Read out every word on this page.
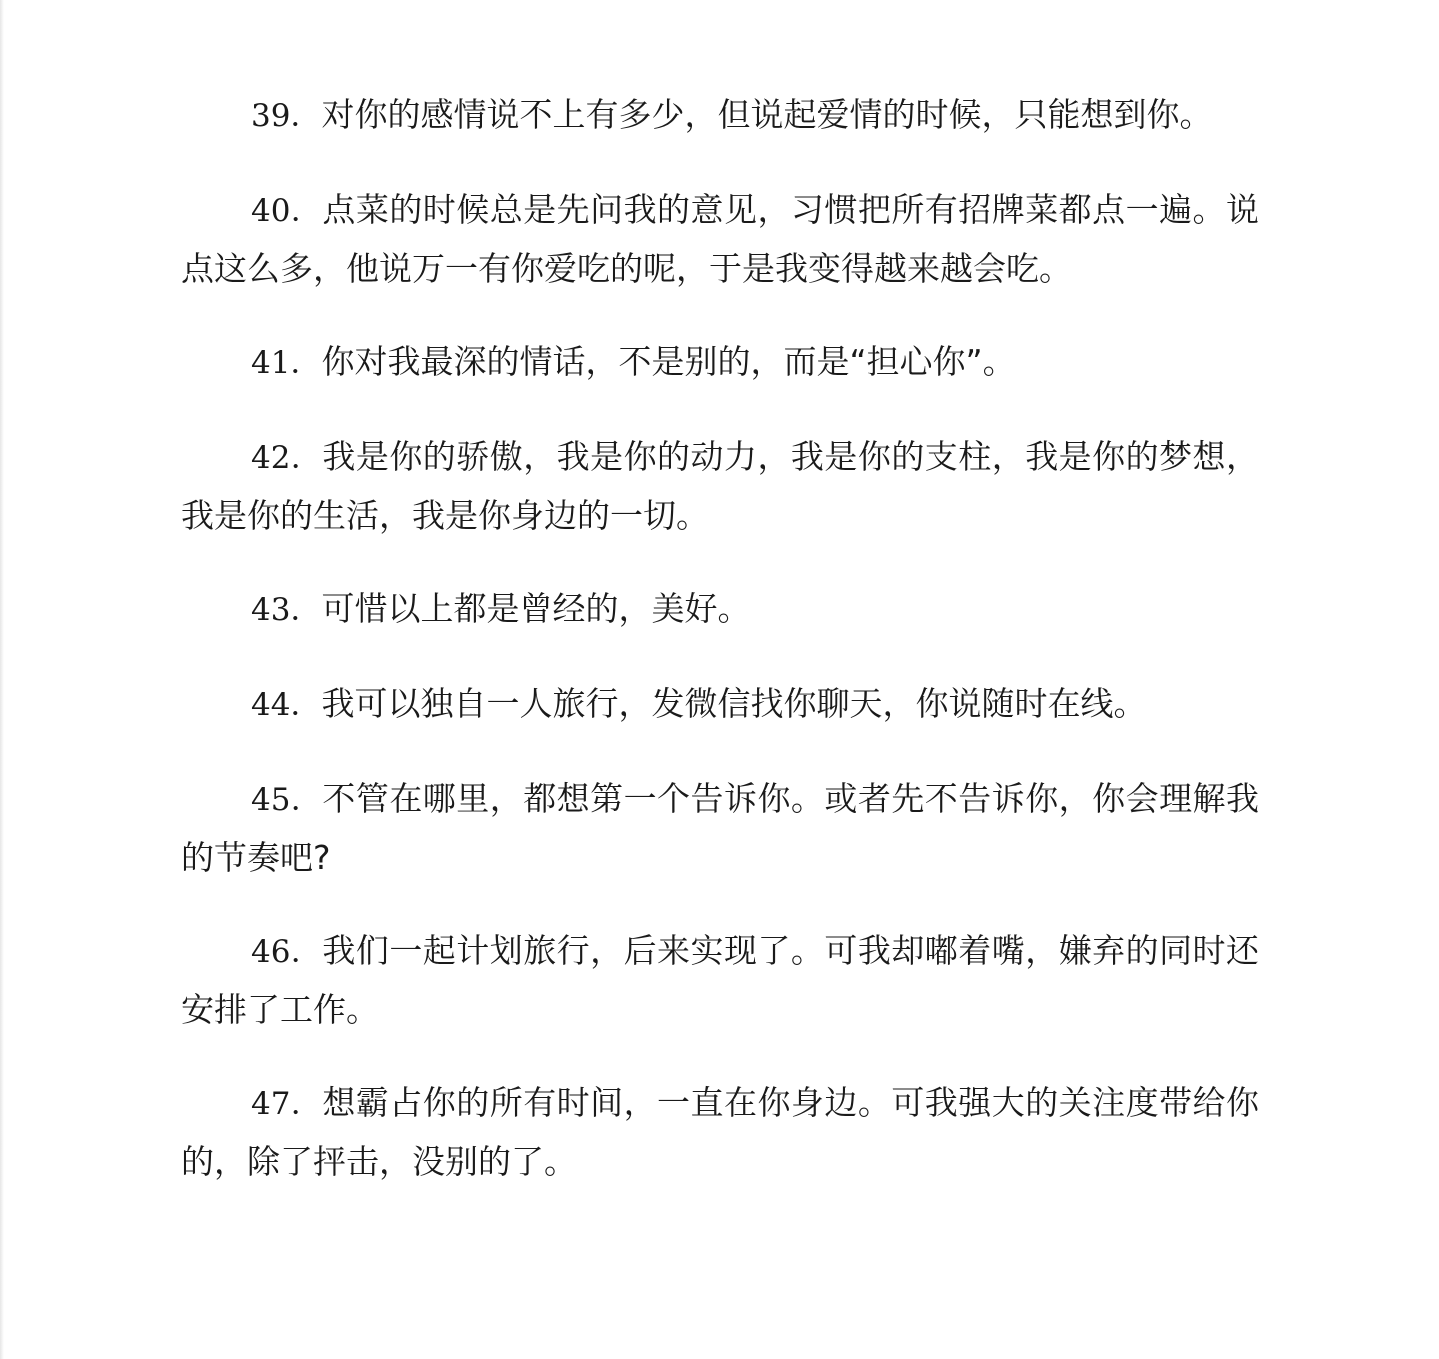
39．对你的感情说不上有多少，但说起爱情的时候，只能想到你。

40．点菜的时候总是先问我的意见，习惯把所有招牌菜都点一遍。说点这么多，他说万一有你爱吃的呢，于是我变得越来越会吃。

41．你对我最深的情话，不是别的，而是“担心你”。

42．我是你的骄傲，我是你的动力，我是你的支柱，我是你的梦想，我是你的生活，我是你身边的一切。

43．可惜以上都是曾经的，美好。

44．我可以独自一人旅行，发微信找你聊天，你说随时在线。

45．不管在哪里，都想第一个告诉你。或者先不告诉你，你会理解我的节奏吧?

46．我们一起计划旅行，后来实现了。可我却嘟着嘴，嫌弃的同时还安排了工作。

47．想霸占你的所有时间，一直在你身边。可我强大的关注度带给你的，除了抨击，没别的了。
